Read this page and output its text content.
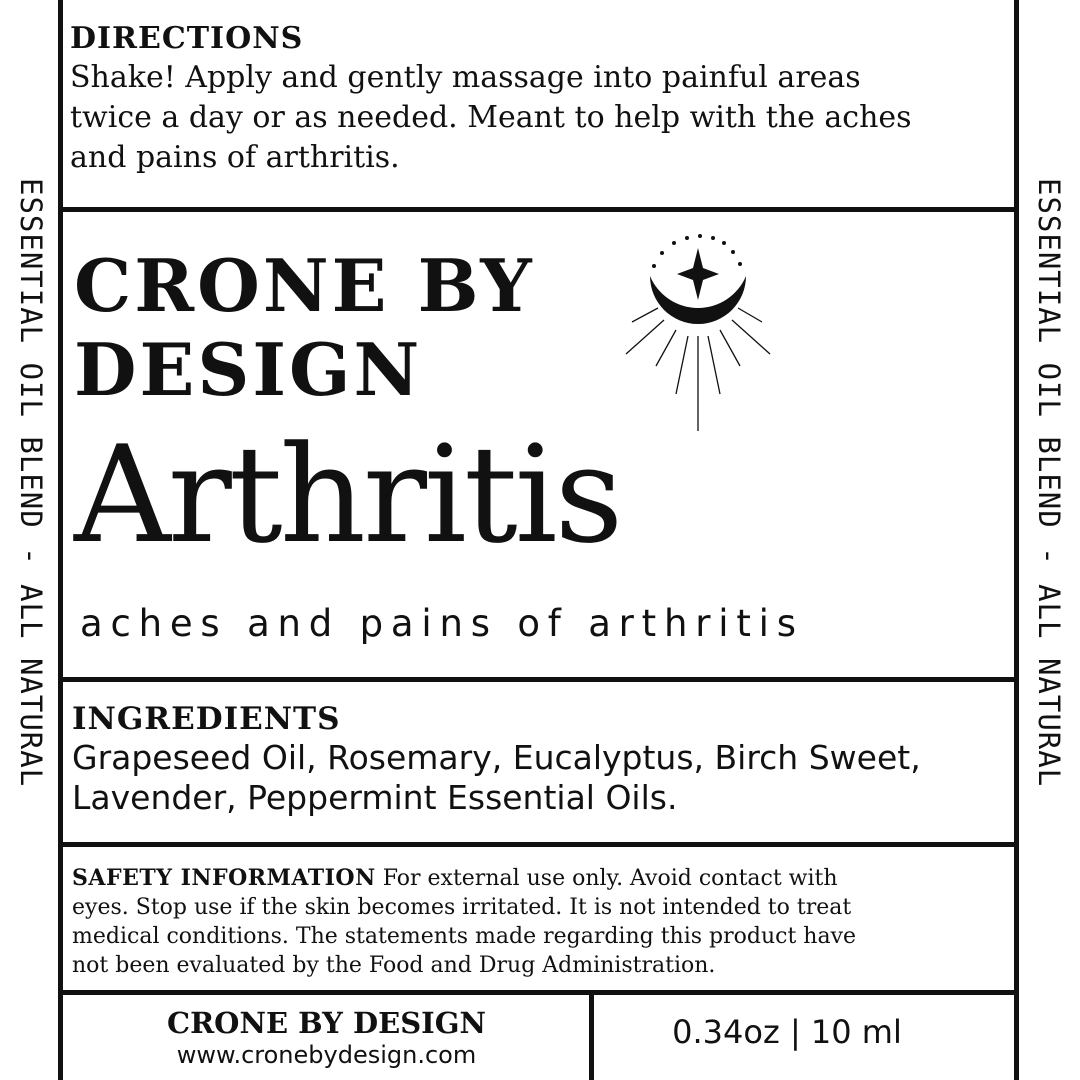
ESSENTIAL OIL BLEND - ALL NATURAL	ESSENTIAL OIL BLEND - ALL NATURAL
DIRECTIONS
Shake! Apply and gently massage into painful areas
twice a day or as needed. Meant to help with the aches
and pains of arthritis.
CRONE BY
DESIGN
Arthritis
aches and pains of arthritis
INGREDIENTS
Grapeseed Oil, Rosemary, Eucalyptus, Birch Sweet,
Lavender, Peppermint Essential Oils.
SAFETY INFORMATION For external use only. Avoid contact with
eyes. Stop use if the skin becomes irritated. It is not intended to treat
medical conditions. The statements made regarding this product have
not been evaluated by the Food and Drug Administration.
CRONE BY DESIGN
www.cronebydesign.com
0.34oz | 10 ml
